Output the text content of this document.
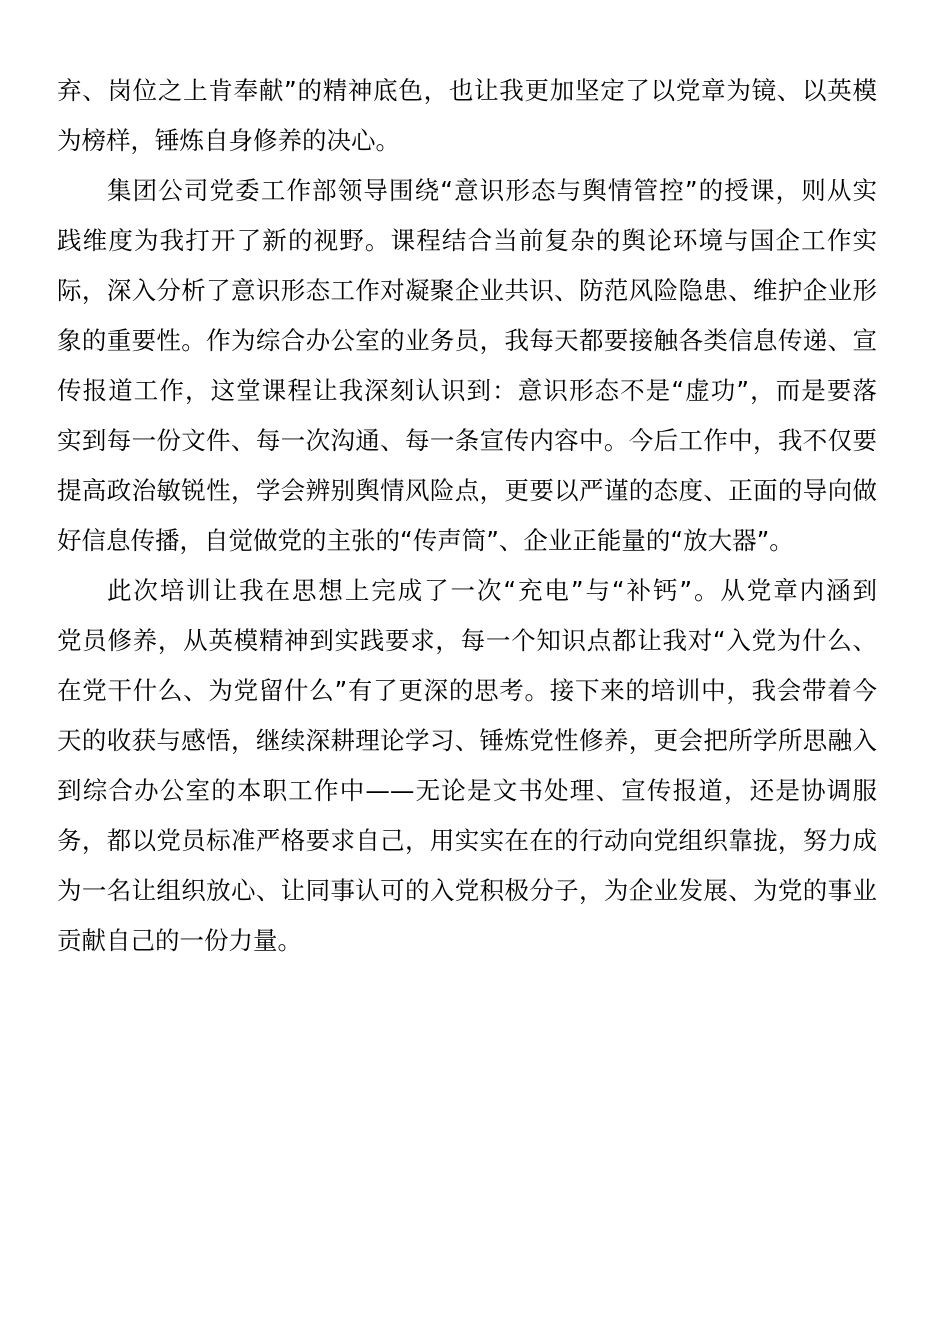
弃、岗位之上肯奉献”的精神底色，也让我更加坚定了以党章为镜、以英模
为榜样，锤炼自身修养的决心。
集团公司党委工作部领导围绕“意识形态与舆情管控”的授课，则从实
践维度为我打开了新的视野。课程结合当前复杂的舆论环境与国企工作实
际，深入分析了意识形态工作对凝聚企业共识、防范风险隐患、维护企业形
象的重要性。作为综合办公室的业务员，我每天都要接触各类信息传递、宣
传报道工作，这堂课程让我深刻认识到：意识形态不是“虚功”，而是要落
实到每一份文件、每一次沟通、每一条宣传内容中。今后工作中，我不仅要
提高政治敏锐性，学会辨别舆情风险点，更要以严谨的态度、正面的导向做
好信息传播，自觉做党的主张的“传声筒”、企业正能量的“放大器”。
此次培训让我在思想上完成了一次“充电”与“补钙”。从党章内涵到
党员修养，从英模精神到实践要求，每一个知识点都让我对“入党为什么、
在党干什么、为党留什么”有了更深的思考。接下来的培训中，我会带着今
天的收获与感悟，继续深耕理论学习、锤炼党性修养，更会把所学所思融入
到综合办公室的本职工作中——无论是文书处理、宣传报道，还是协调服
务，都以党员标准严格要求自己，用实实在在的行动向党组织靠拢，努力成
为一名让组织放心、让同事认可的入党积极分子，为企业发展、为党的事业
贡献自己的一份力量。
